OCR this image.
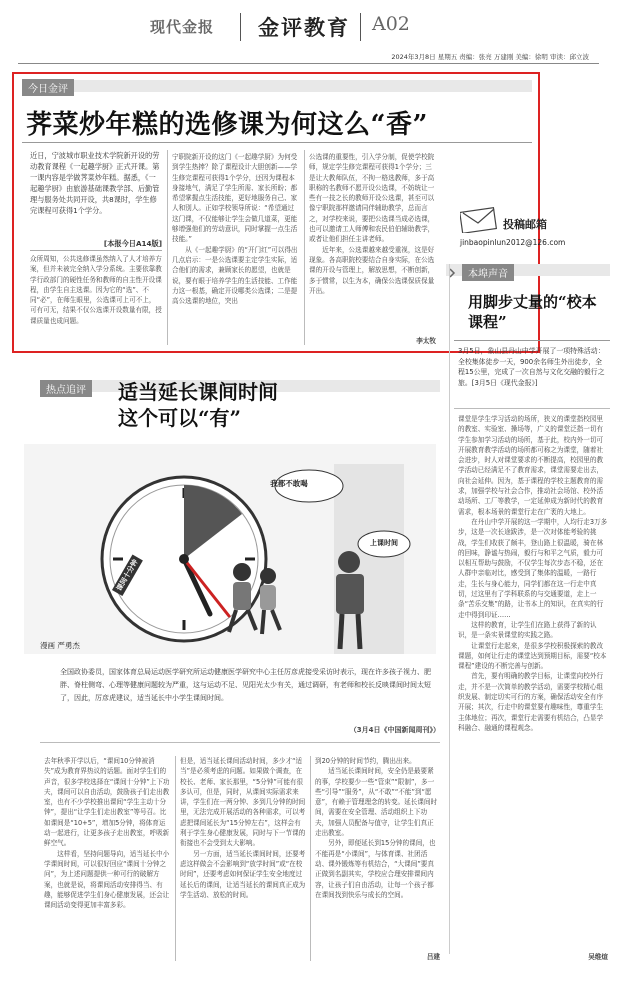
现代金报 金评教育 A02
2024年3月8日 星期五 责编：张亮 万建刚 美编：徐明 审读：邱立波
今日金评
荠菜炒年糕的选修课为何这么“香”
近日，宁波城市职业技术学院新开设的劳动教育课程《一起趣学厨》正式开课。第一课内容是学做荠菜炒年糕。据悉，《一起趣学厨》由旅游基础课教学部、后勤管理与服务处共同开设，共8课时，学生修完课程可获得1个学分。
[本报今日A14版]
众所周知，公共选修课虽然纳入了人才培养方案，但并未被完全纳入学分系统。主要依靠教学行政部门的硬性任务和教师的自主性开设课程，由学生自主选课。因为它的“选”、不同“必”，在师生眼里，公选课可上可不上，可有可无，结果不仅公选课开设数量有限，授课质量也成问题。
宁职院新开设的这门《一起趣学厨》为何受到学生热捧？除了课程设计大胆创新——学生修完课程可获得1个学分，还因为课程本身接地气，满足了学生所需、家长所盼；都希望掌握点生活技能，更好地服务自己、家人和别人。正如学校领导所说：“希望通过这门课，不仅能够让学生会做几道菜，更能够增强他们的劳动意识，同时掌握一点生活技能。”
　　从《一起趣学厨》的“开门红”可以得出几点启示：一是公选课要主定学生实际，适合他们的需求，兼顾家长的愿望，也就是说，要有眼于培养学生的生活技能、工作能力这一根基，确定开设哪类公选课；二是提高公选课的地位，突出
公选课的重要性，引入学分制，促使学校院师，规定学生修完课程可获得1个学分；三是让大教师队伍，不拘一格选教师，多于高职称的名教师不愿开设公选课，不妨统让一些有一技之长的教师开设公选课，甚至可以像宁职院那样邀请同伴辅助教学，总而言之，对学校来说，要把公选课当成必选课，也可以邀请工人师傅和农民伯伯辅助教学，或者让他们担任主讲老师。
　　近年来，公选课越来越受重视，这是好现象。各高职院校要结合自身实际，在公选课的开设与管理上，解放思想，不断创新，多于惯常，以生为本，确保公选课保质保量开出。
李太牧
投稿邮箱
jinbaopinlun2012@126.com
本埠声音
用脚步丈量的“校本课程”
3月5日，象山县丹山中学开展了一项特殊活动：全校集体徒步一天，900余名师生外出徒步，全程15公里，完成了一次自然与文化交融的毅行之旅。[3月5日《现代金报》]
课堂是学生学习活动的场所，狭义的课堂指校园里的教室、实验室、操场等，广义的课堂泛指一切有学生参加学习活动的场所，基于此，校内外一切可开展教育教学活动的场所都可称之为课堂，随着社会进步，时人对课堂要求的不断提高，校园里的教学活动已经满足不了教育需求，课堂需要走出去，向社会延伸。因为，基于课程的学校主题教育的需求，加强学校与社会合作，推动社会场馆、校外活动场所、工厂等教学，一定延伸成为新时代的教育需求，根本场景的课堂行走在广袤的大地上。
　　在丹山中学开展的这一学期中，人均行走3万多步，这是一次长途跋涉，是一次对体能考验的挑战，学生们收获了颇丰，登山路上很温暖，骑在林的回味，静谧与热闹，毅行与和平之气质，毅力可以相互帮助与鼓励，不仅学生每次步态不稳，还在人群中亲临对比，感受到了集体的温暖，一路行走，生长与身心能力，同学们都在这一行走中真切，过这里有了学科联系的与交通要道，走上一条“苦乐交集”的路，让书本上的知识，在真实的行走中得到印证……
　　这样的教育，让学生们在路上获得了新的认识，是一条实景课堂的实践之路。
　　让课堂行走起来，是很多学校积极探索的教改课题，如何让行走的课堂达到预期目标，需要“校本课程”建设的不断完善与创新。
　　首先，要有明确的教学目标，让课堂向校外行走，并不是一次简单的教学活动，需要学校精心组织发展、制定切实可行的方案，确保活动安全有序开展；其次，行走中的课堂要有趣味性，尊重学生主体地位；再次，课堂行走需要有机结合，凸显学科融合、融通的课程观念。
吴维煊
热点追评	适当延长课间时间
这个可以“有”
我都不敢喝
上课时间
课间十分钟
漫画 严勇杰
全国政协委员，国家体育总局运动医学研究所运动健康医学研究中心主任厉彦虎接受采访时表示，现在许多孩子视力、肥胖、脊柱侧弯、心理等健康问题较为严重，这与运动不足、见阳光太少有关，通过调研，有老师和校长反映课间时间太短了，因此，厉彦虎建议，适当延长中小学生课间时间。
（3月4日《中国新闻周刊》）
去年秋季开学以后，“课间10分钟被消失”成为教育界热议的话题。面对学生们的声音，很多学校选择在“课间十分钟”上下功夫，课间可以自由活动，鼓励孩子们走出教室，也有不少学校推出课间“学生主动十分钟”，提出“让学生们走出教室”等号召。比如课间是“10+5”，增加5分钟，将体育运动一起进行，让更多孩子走出教室，呼吸新鲜空气。
　　这样看，坚持问题导向，适当延长中小学课间时间，可以很好回应“课间十分钟之问”，为上述问题提供一种可行的破解方案，也就是说，将课间活动安排得当、有趣，能够促进学生们身心健康发展，还会让课间活动变得更加丰富多彩。
但是，适当延长课间活动时间，多少才“适当”是必须考虑的问题。如果做个调查，在校长、老师、家长那里，“5分钟”可能有很多认可，但是，同时，从课间实际需求来讲，学生们在一两分钟、多到几分钟的时间里，无法完成开展活动的各种需求，可以考虑把课间延长为“15分钟左右”，这样会有利于学生身心健康发展，同时与下一节课的衔接也不会受到太大影响。
　　另一方面，适当延长课间时间，还要考虑这样做会不会影响到“放学时间”或“在校时间”，还要考虑如何保证学生安全地度过延长后的课间，让适当延长的课间真正成为学生活动、放松的时间。
到20分钟的时间节约，腾出出来。
　　适当延长课间时间，安全仍是最要紧的事，学校要少一些“管束”“限制”，多一些“引导”“服务”，从“不敢”“不能”到“愿意”，有赖于管理理念的转变。延长课间时间，需要在安全管理、活动组织上下功夫，加强人员配备与值守，让学生们真正走出教室。
　　另外，即便延长到15分钟的课间，也不能再是“小课间”，与体育课、社团活动、课外锻炼等有机结合，“大课间”要真正做到名副其实，学校应合理安排课间内容，让孩子们自由活动，让每一个孩子都在课间找到快乐与成长的空间。
吕建
